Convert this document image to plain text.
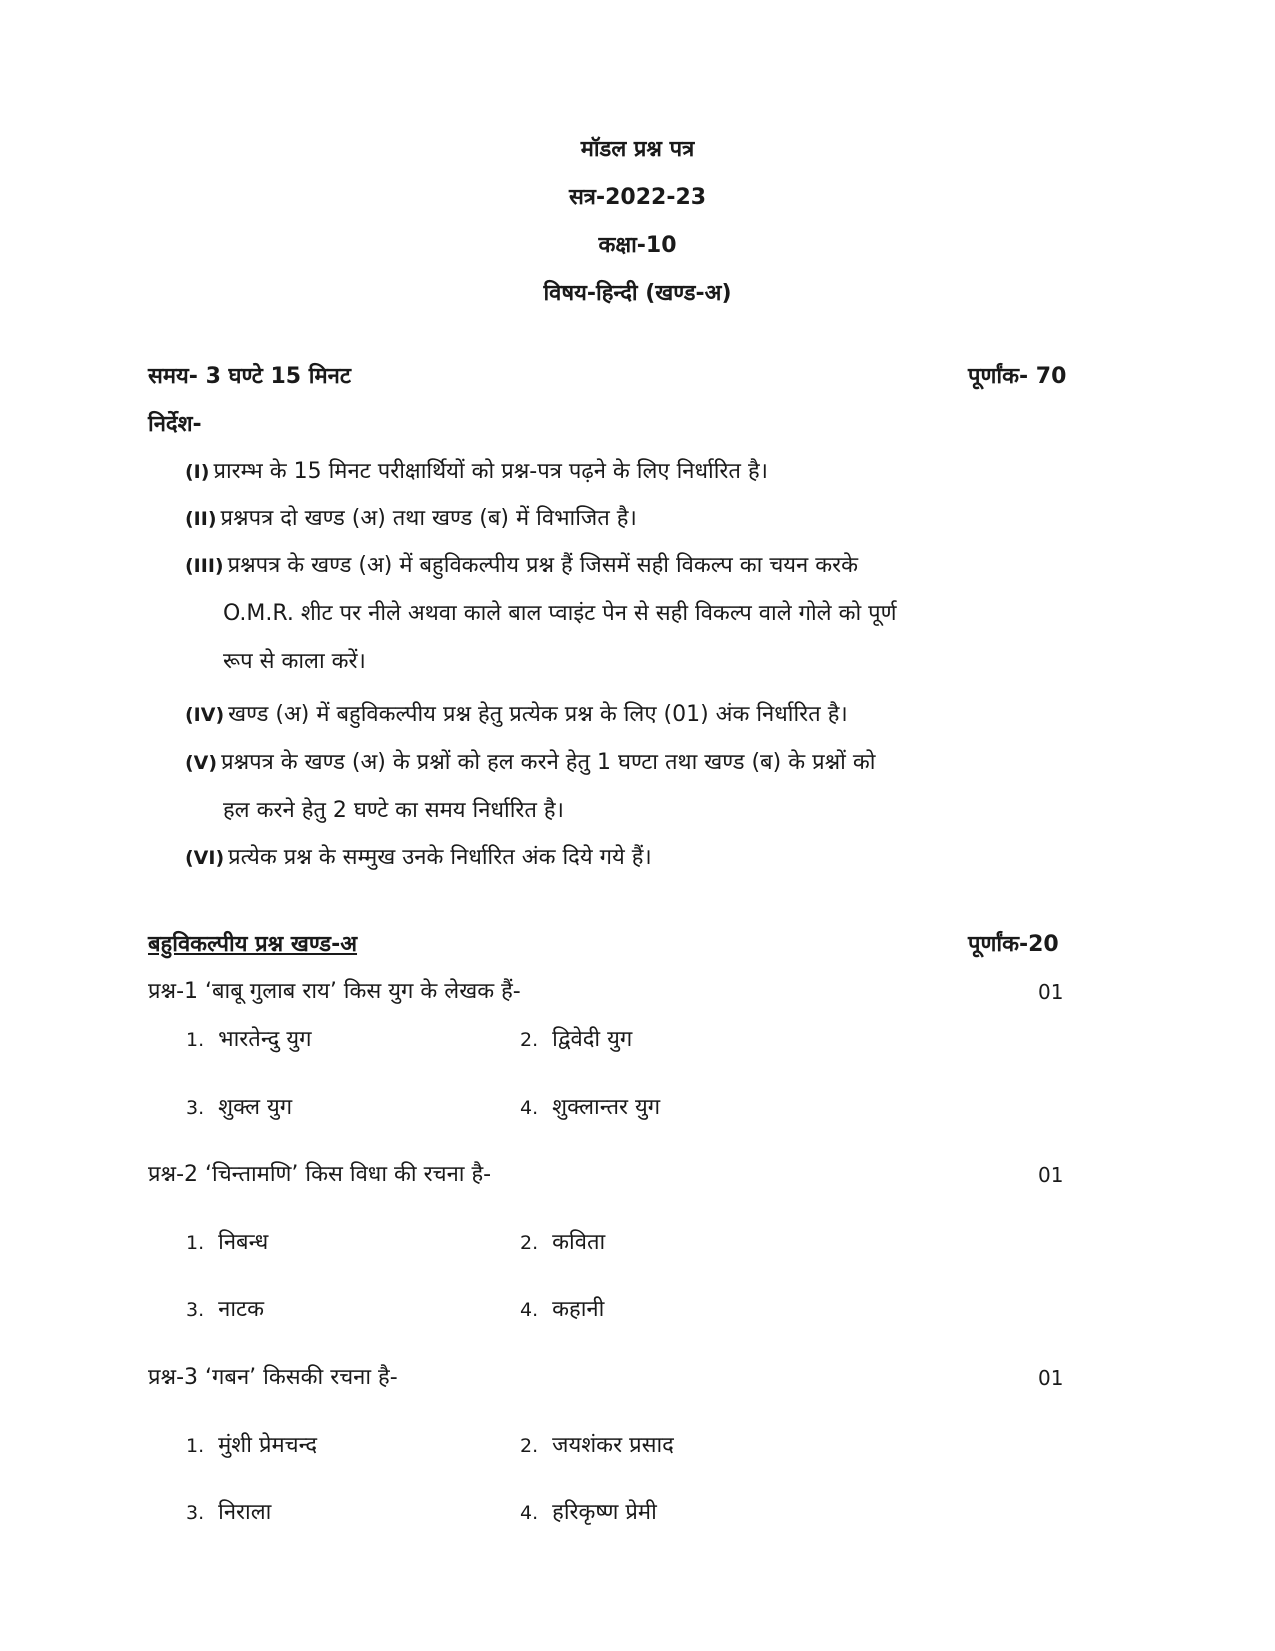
मॉडल प्रश्न पत्र
सत्र-2022-23
कक्षा-10
विषय-हिन्दी (खण्ड-अ)
समय- 3 घण्टे 15 मिनट	पूर्णांक- 70
निर्देश-
(I) प्रारम्भ के 15 मिनट परीक्षार्थियों को प्रश्न-पत्र पढ़ने के लिए निर्धारित है।
(II) प्रश्नपत्र दो खण्ड (अ) तथा खण्ड (ब) में विभाजित है।
(III) प्रश्नपत्र के खण्ड (अ) में बहुविकल्पीय प्रश्न हैं जिसमें सही विकल्प का चयन करके
O.M.R. शीट पर नीले अथवा काले बाल प्वाइंट पेन से सही विकल्प वाले गोले को पूर्ण
रूप से काला करें।
(IV) खण्ड (अ) में बहुविकल्पीय प्रश्न हेतु प्रत्येक प्रश्न के लिए (01) अंक निर्धारित है।
(V) प्रश्नपत्र के खण्ड (अ) के प्रश्नों को हल करने हेतु 1 घण्टा तथा खण्ड (ब) के प्रश्नों को
हल करने हेतु 2 घण्टे का समय निर्धारित है।
(VI) प्रत्येक प्रश्न के सम्मुख उनके निर्धारित अंक दिये गये हैं।
बहुविकल्पीय प्रश्न खण्ड-अ	पूर्णांक-20
प्रश्न-1 ‘बाबू गुलाब राय’ किस युग के लेखक हैं-	01
1. भारतेन्दु युग	2. द्विवेदी युग
3. शुक्ल युग	4. शुक्लान्तर युग
प्रश्न-2 ‘चिन्तामणि’ किस विधा की रचना है-	01
1. निबन्ध	2. कविता
3. नाटक	4. कहानी
प्रश्न-3 ‘गबन’ किसकी रचना है-	01
1. मुंशी प्रेमचन्द	2. जयशंकर प्रसाद
3. निराला	4. हरिकृष्ण प्रेमी
